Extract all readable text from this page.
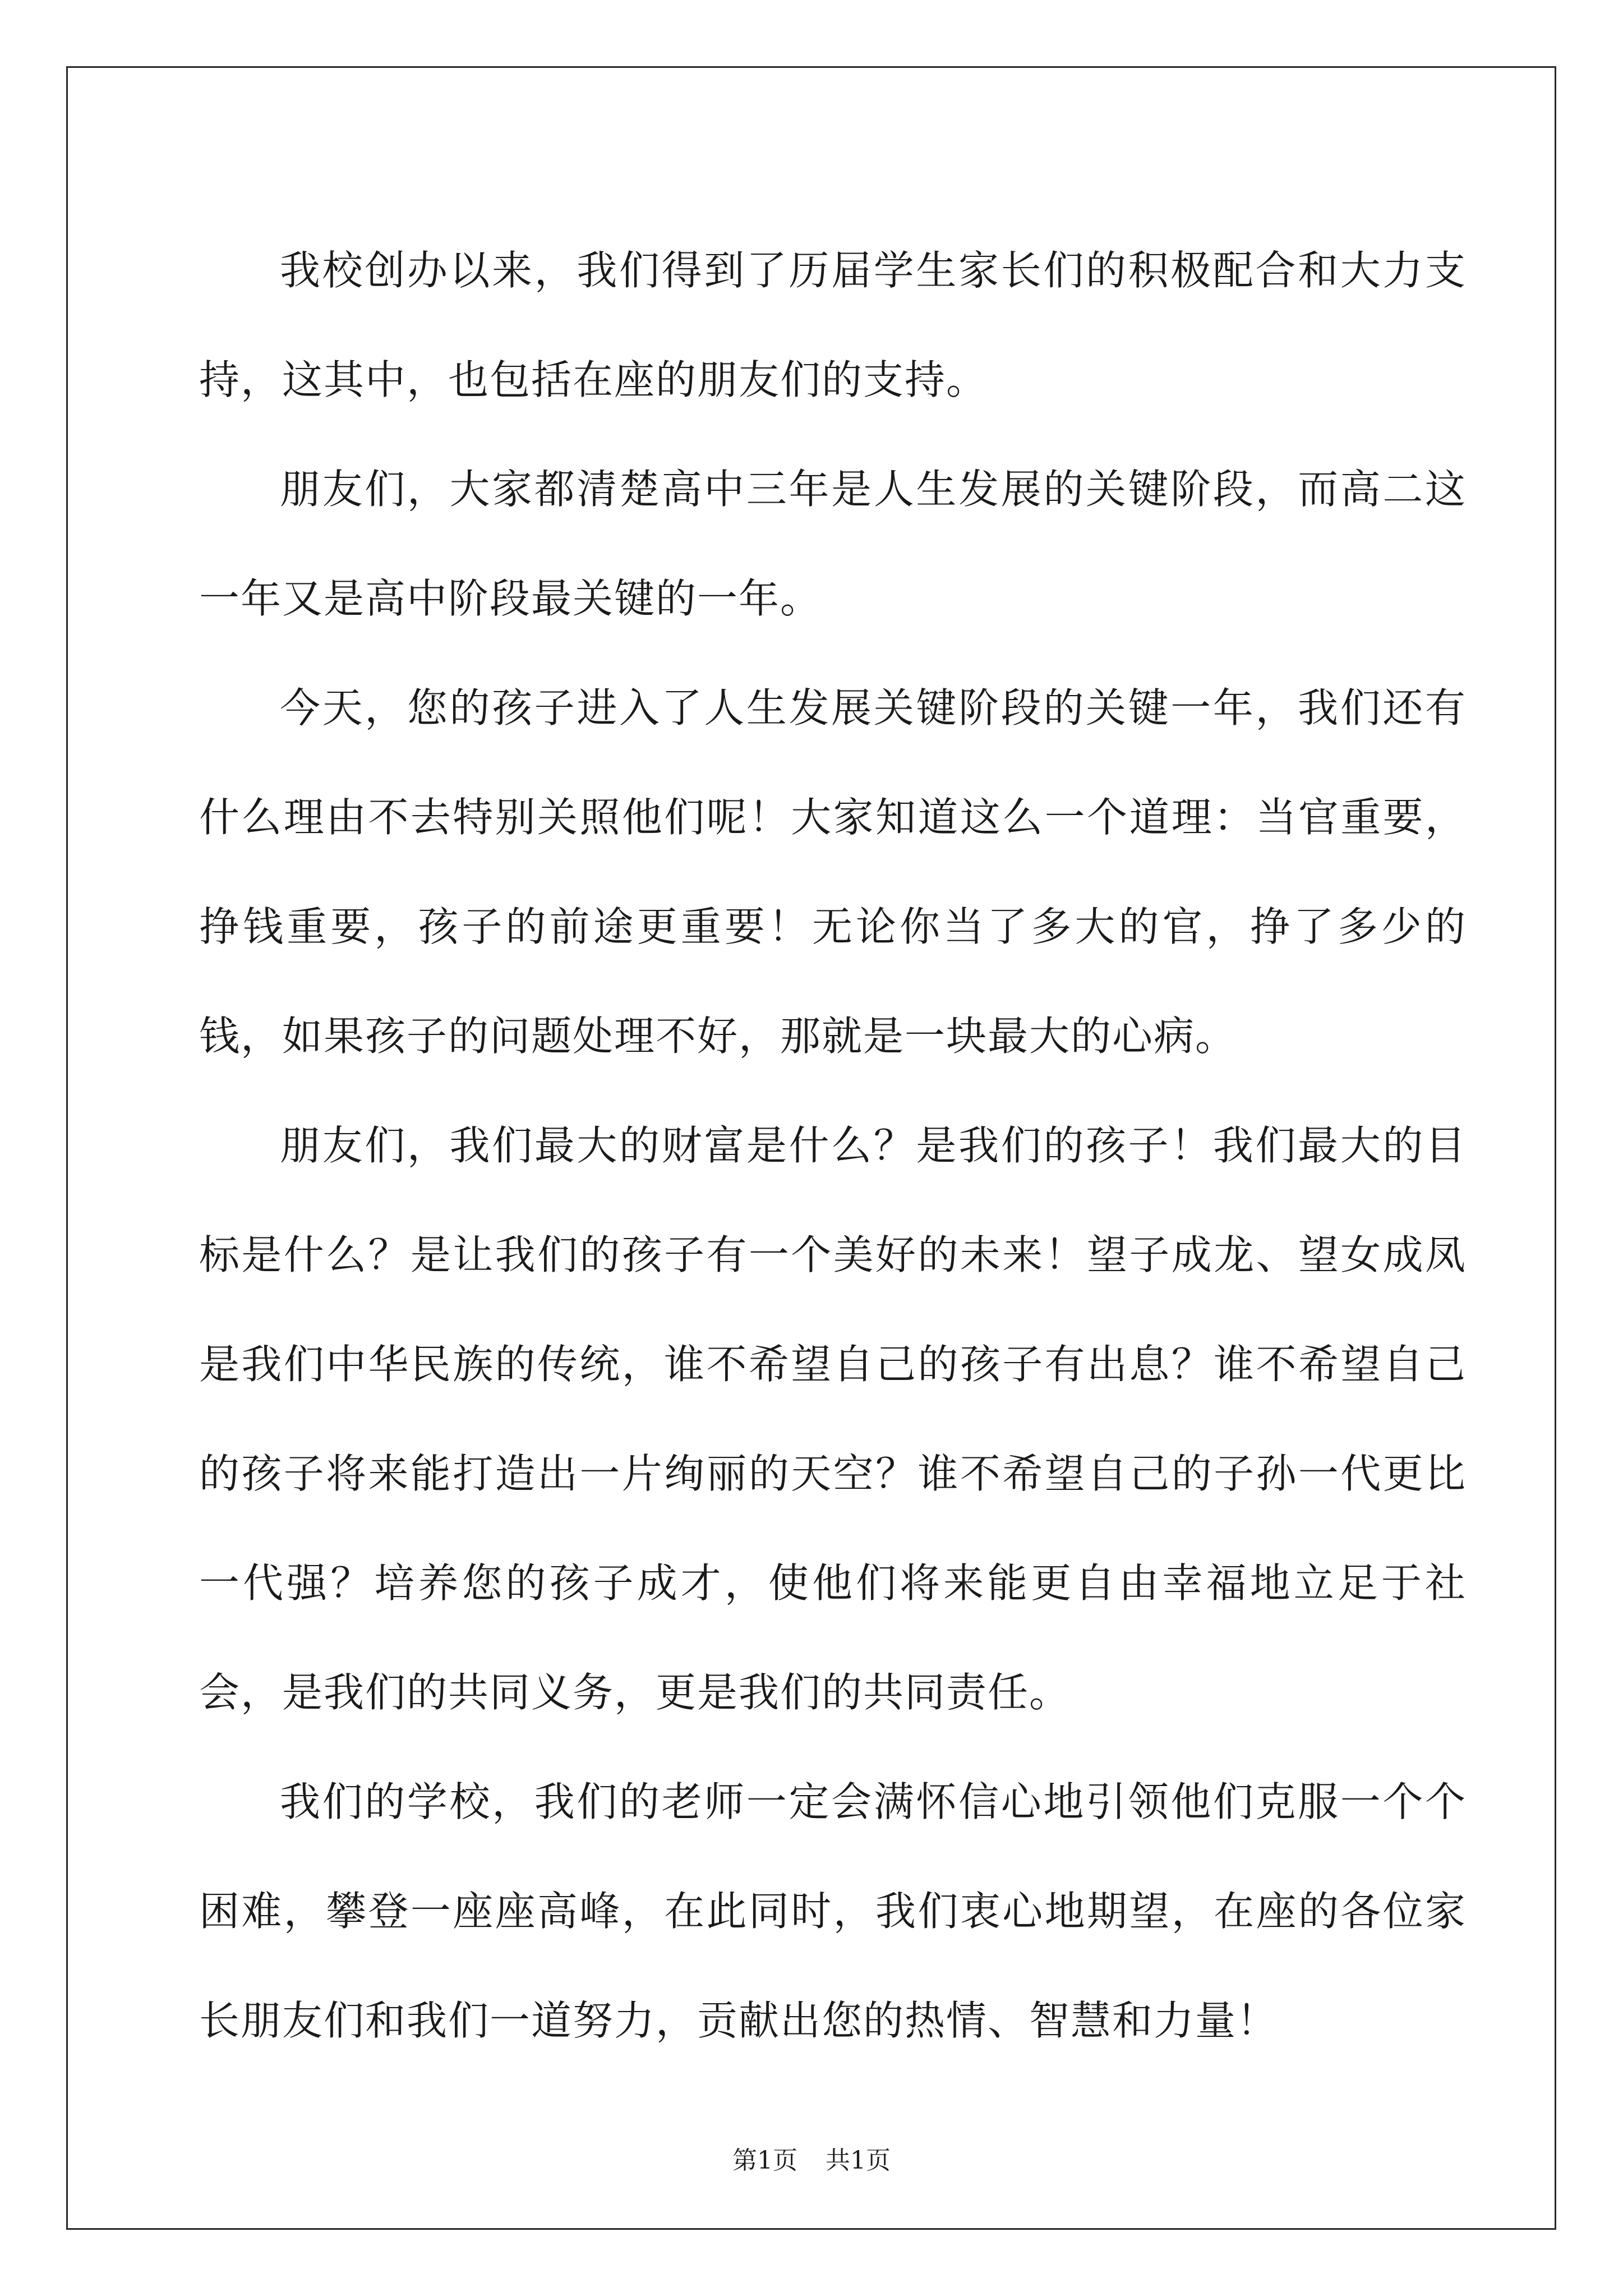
我校创办以来，我们得到了历届学生家长们的积极配合和大力支持，这其中，也包括在座的朋友们的支持。

朋友们，大家都清楚高中三年是人生发展的关键阶段，而高二这一年又是高中阶段最关键的一年。

今天，您的孩子进入了人生发展关键阶段的关键一年，我们还有什么理由不去特别关照他们呢！大家知道这么一个道理：当官重要，挣钱重要，孩子的前途更重要！无论你当了多大的官，挣了多少的钱，如果孩子的问题处理不好，那就是一块最大的心病。

朋友们，我们最大的财富是什么？是我们的孩子！我们最大的目标是什么？是让我们的孩子有一个美好的未来！望子成龙、望女成凤是我们中华民族的传统，谁不希望自己的孩子有出息？谁不希望自己的孩子将来能打造出一片绚丽的天空？谁不希望自己的子孙一代更比一代强？培养您的孩子成才，使他们将来能更自由幸福地立足于社会，是我们的共同义务，更是我们的共同责任。

我们的学校，我们的老师一定会满怀信心地引领他们克服一个个困难，攀登一座座高峰，在此同时，我们衷心地期望，在座的各位家长朋友们和我们一道努力，贡献出您的热情、智慧和力量！

第1页 共1页
